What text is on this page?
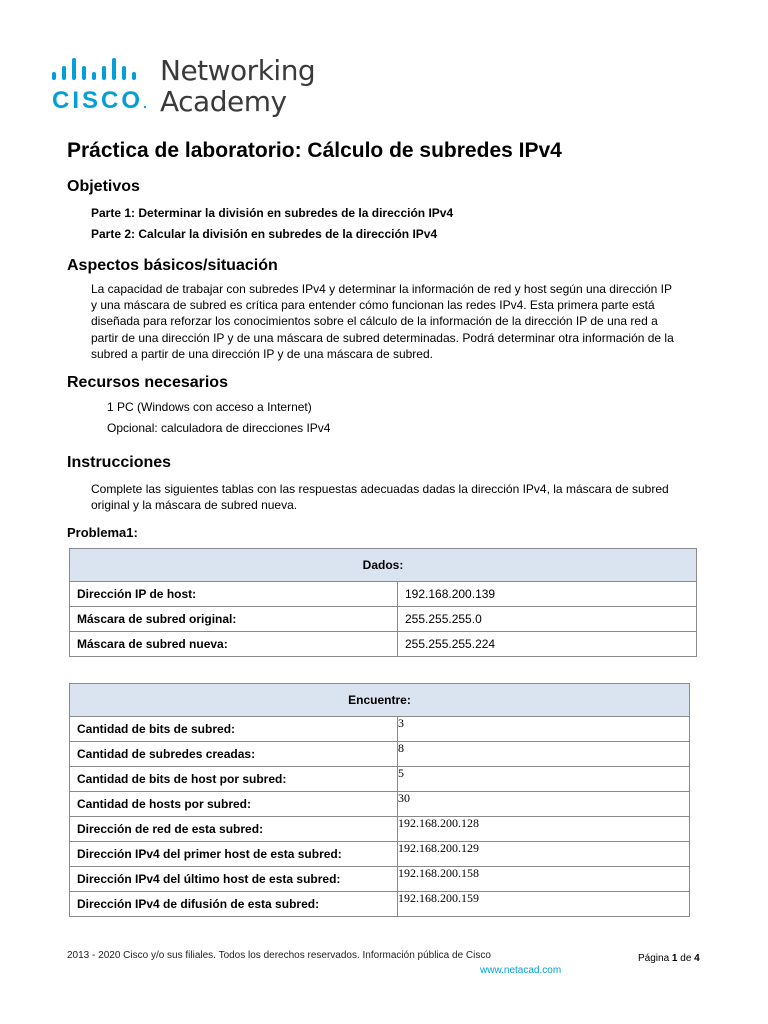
CISCO.
Networking
Academy
Práctica de laboratorio: Cálculo de subredes IPv4
Objetivos
Parte 1: Determinar la división en subredes de la dirección IPv4
Parte 2: Calcular la división en subredes de la dirección IPv4
Aspectos básicos/situación
La capacidad de trabajar con subredes IPv4 y determinar la información de red y host según una dirección IP
y una máscara de subred es crítica para entender cómo funcionan las redes IPv4. Esta primera parte está
diseñada para reforzar los conocimientos sobre el cálculo de la información de la dirección IP de una red a
partir de una dirección IP y de una máscara de subred determinadas. Podrá determinar otra información de la
subred a partir de una dirección IP y de una máscara de subred.
Recursos necesarios
1 PC (Windows con acceso a Internet)
Opcional: calculadora de direcciones IPv4
Instrucciones
Complete las siguientes tablas con las respuestas adecuadas dadas la dirección IPv4, la máscara de subred
original y la máscara de subred nueva.
Problema1:
Dados:	
Dirección IP de host:	192.168.200.139
Máscara de subred original:	255.255.255.0
Máscara de subred nueva:	255.255.255.224
Encuentre:	
Cantidad de bits de subred:	3
Cantidad de subredes creadas:	8
Cantidad de bits de host por subred:	5
Cantidad de hosts por subred:	30
Dirección de red de esta subred:	192.168.200.128
Dirección IPv4 del primer host de esta subred:	192.168.200.129
Dirección IPv4 del último host de esta subred:	192.168.200.158
Dirección IPv4 de difusión de esta subred:	192.168.200.159
2013 - 2020 Cisco y/o sus filiales. Todos los derechos reservados. Información pública de Cisco
www.netacad.com
Página 1 de 4
